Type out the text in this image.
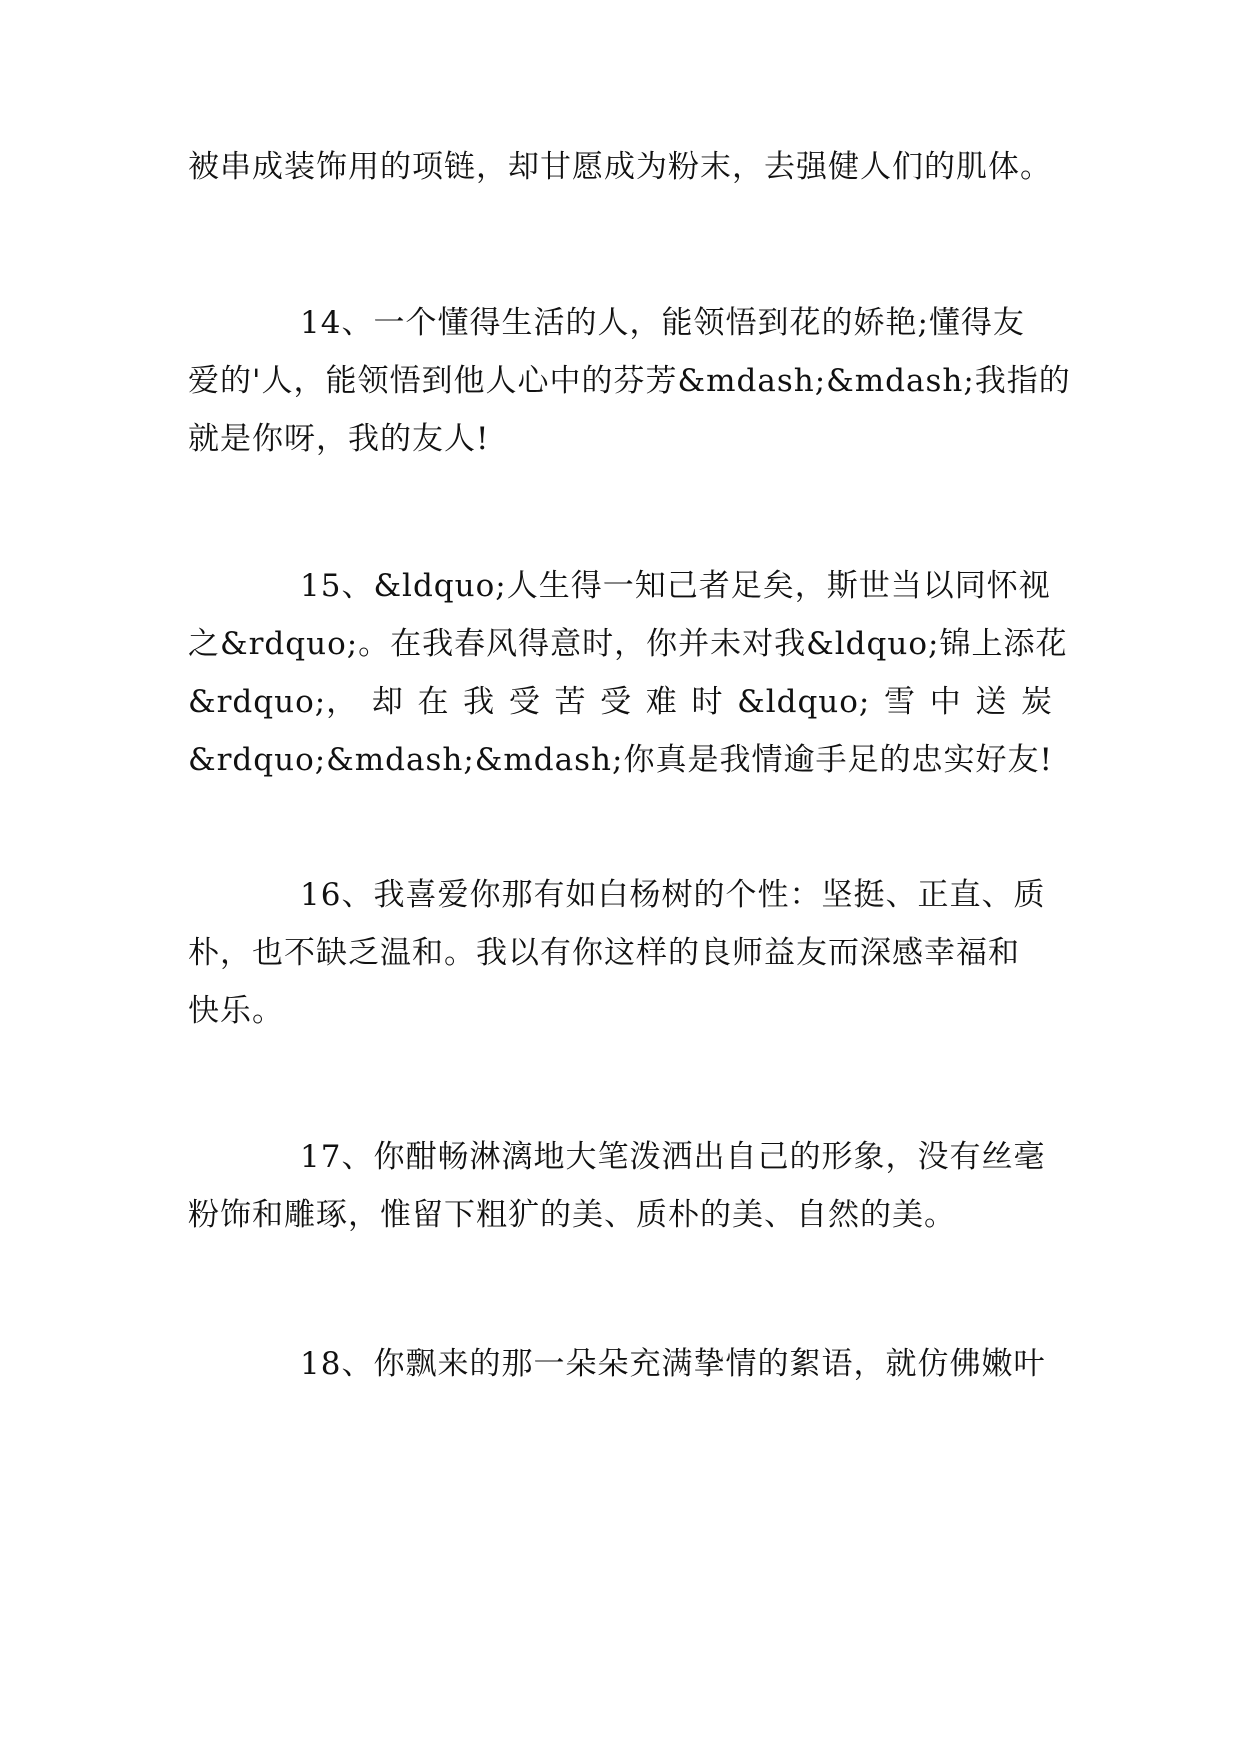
被串成装饰用的项链，却甘愿成为粉末，去强健人们的肌体。
14、一个懂得生活的人，能领悟到花的娇艳;懂得友
爱的'人，能领悟到他人心中的芬芳&mdash;&mdash;我指的
就是你呀，我的友人!
15、&ldquo;人生得一知己者足矣，斯世当以同怀视
之&rdquo;。在我春风得意时，你并未对我&ldquo;锦上添花
&rdquo;， 却 在 我 受 苦 受 难 时 &ldquo; 雪 中 送 炭
&rdquo;&mdash;&mdash;你真是我情逾手足的忠实好友!
16、我喜爱你那有如白杨树的个性：坚挺、正直、质
朴，也不缺乏温和。我以有你这样的良师益友而深感幸福和
快乐。
17、你酣畅淋漓地大笔泼洒出自己的形象，没有丝毫
粉饰和雕琢，惟留下粗犷的美、质朴的美、自然的美。
18、你飘来的那一朵朵充满挚情的絮语，就仿佛嫩叶
